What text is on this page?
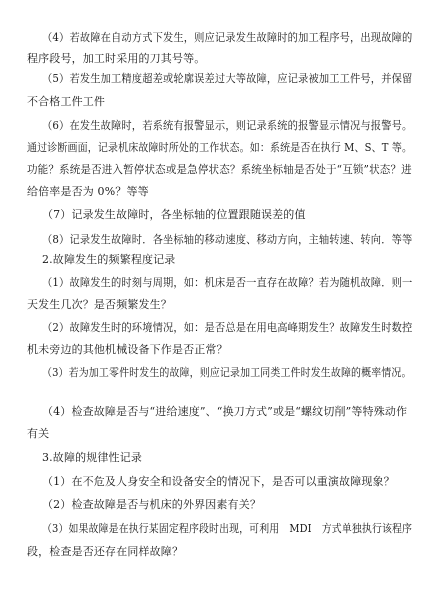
（4）若故障在自动方式下发生，则应记录发生故障时的加工程序号，出现故障的
程序段号，加工时采用的刀其号等。
（5）若发生加工精度超差或轮廓误差过大等故障，应记录被加工工件号，并保留
不合格工件工件
（6）在发生故障时，若系统有报警显示，则记录系统的报警显示情况与报警号。
通过诊断画面，记录机床故障时所处的工作状态。如：系统是否在执行 M、S、T 等。
功能？系统是否进入暂停状态或是急停状态？系统坐标轴是否处于“互锁”状态？进
给倍率是否为 0%？等等
（7）记录发生故障时，各坐标轴的位置跟随误差的值
（8）记录发生故障时．各坐标轴的移动速度、移动方向，主轴转速、转向．等等
2.故障发生的频繁程度记录
（1）故障发生的时刻与周期，如：机床是否一直存在故障？若为随机故障．则一
天发生几次？是否频繁发生？
（2）故障发生时的环境情况，如：是否总是在用电高峰期发生？故障发生时数控
机未旁边的其他机械设备下作是否正常？
（3）若为加工零件时发生的故障，则应记录加工同类工件时发生故障的概率情况。
（4）检查故障是否与“进给速度”、“换刀方式”或是“螺纹切削”等特殊动作
有关
3.故障的规律性记录
（1）在不危及人身安全和设备安全的情况下，是否可以重演故障现象？
（2）检查故障是否与机床的外界因素有关？
（3）如果故障是在执行某固定程序段时出现，可利用　MDI　方式单独执行该程序
段，检查是否还存在同样故障？
